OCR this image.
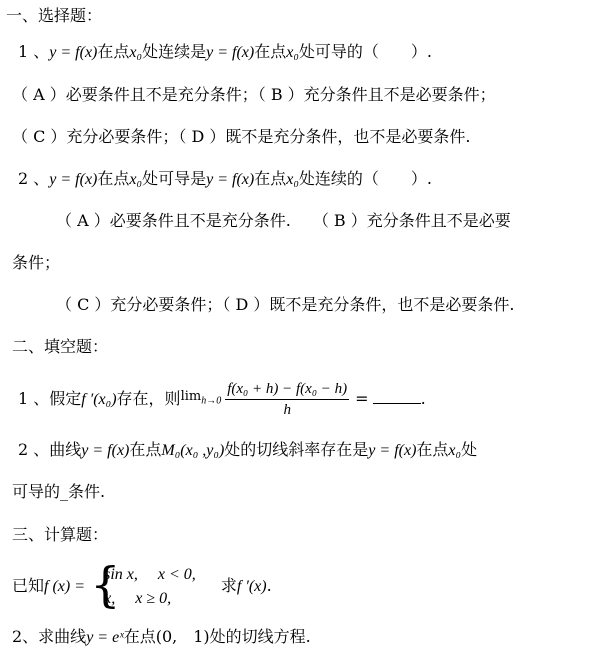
一、选择题：
1 、y = f(x)在点x₀处连续是y = f(x)在点x₀处可导的（　　）.
（ A ）必要条件且不是充分条件；（ B ）充分条件且不是必要条件；
（ C ）充分必要条件；（ D ）既不是充分条件，也不是必要条件.
2 、y = f(x)在点x₀处可导是y = f(x)在点x₀处连续的（　　）.
（ A ）必要条件且不是充分条件. （ B ）充分条件且不是必要
条件；
（ C ）充分必要条件；（ D ）既不是充分条件，也不是必要条件.
二、填空题：
1 、假定f ′(x₀)存在，则$\lim_{h\to 0} \frac{\text{f(x₀ + h) − f(x₀ − h)}}{h}$ =	.
2 、曲线y = f(x)在点M₀(x₀ ,y₀)处的切线斜率存在是y = f(x)在点x₀处
可导的_条件.
三、计算题：
已知f (x) = {
sin x,　 x < 0,
x,　 x ≥ 0,
求f ′(x).
2、求曲线y = eˣ在点(0,　1)处的切线方程.
